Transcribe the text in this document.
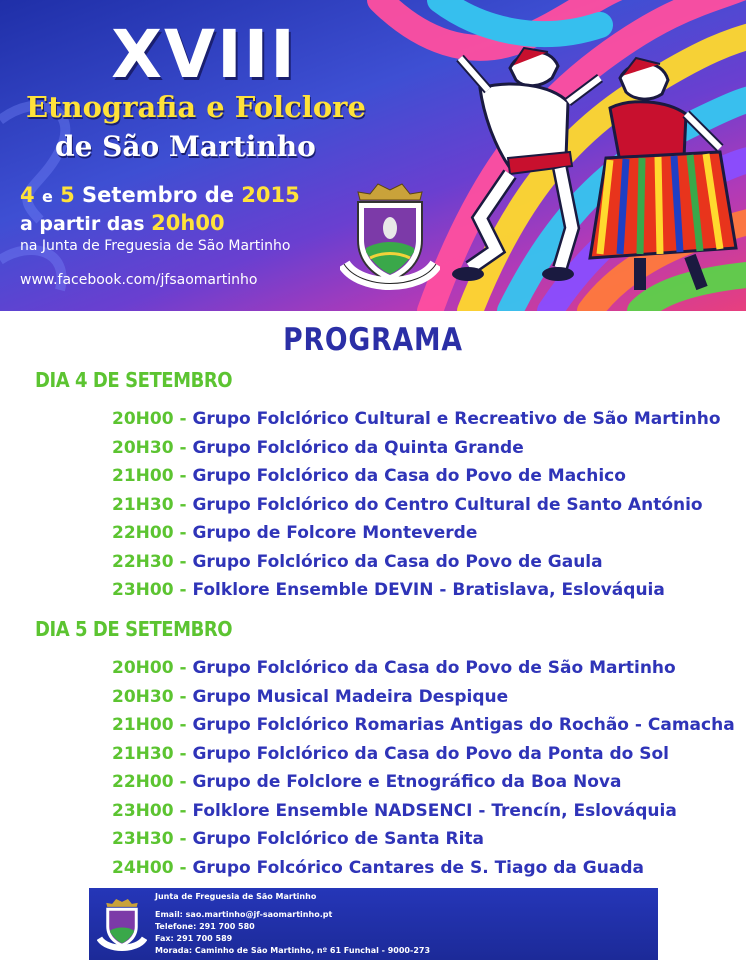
XVIII
Etnografia e Folclore
de São Martinho
4 e 5 Setembro de 2015
a partir das 20h00
na Junta de Freguesia de São Martinho
www.facebook.com/jfsaomartinho
PROGRAMA
DIA 4 DE SETEMBRO
20H00 - Grupo Folclórico Cultural e Recreativo de São Martinho
20H30 - Grupo Folclórico da Quinta Grande
21H00 - Grupo Folclórico da Casa do Povo de Machico
21H30 - Grupo Folclórico do Centro Cultural de Santo António
22H00 - Grupo de Folcore Monteverde
22H30 - Grupo Folclórico da Casa do Povo de Gaula
23H00 - Folklore Ensemble DEVIN - Bratislava, Eslováquia
DIA 5 DE SETEMBRO
20H00 - Grupo Folclórico da Casa do Povo de São Martinho
20H30 - Grupo Musical Madeira Despique
21H00 - Grupo Folclórico Romarias Antigas do Rochão - Camacha
21H30 - Grupo Folclórico da Casa do Povo da Ponta do Sol
22H00 - Grupo de Folclore e Etnográfico da Boa Nova
23H00 - Folklore Ensemble NADSENCI - Trencín, Eslováquia
23H30 - Grupo Folclórico de Santa Rita
24H00 - Grupo Folcórico Cantares de S. Tiago da Guada
Junta de Freguesia de São Martinho
Email: sao.martinho@jf-saomartinho.pt
Telefone: 291 700 580
Fax: 291 700 589
Morada: Caminho de São Martinho, nº 61 Funchal - 9000-273
